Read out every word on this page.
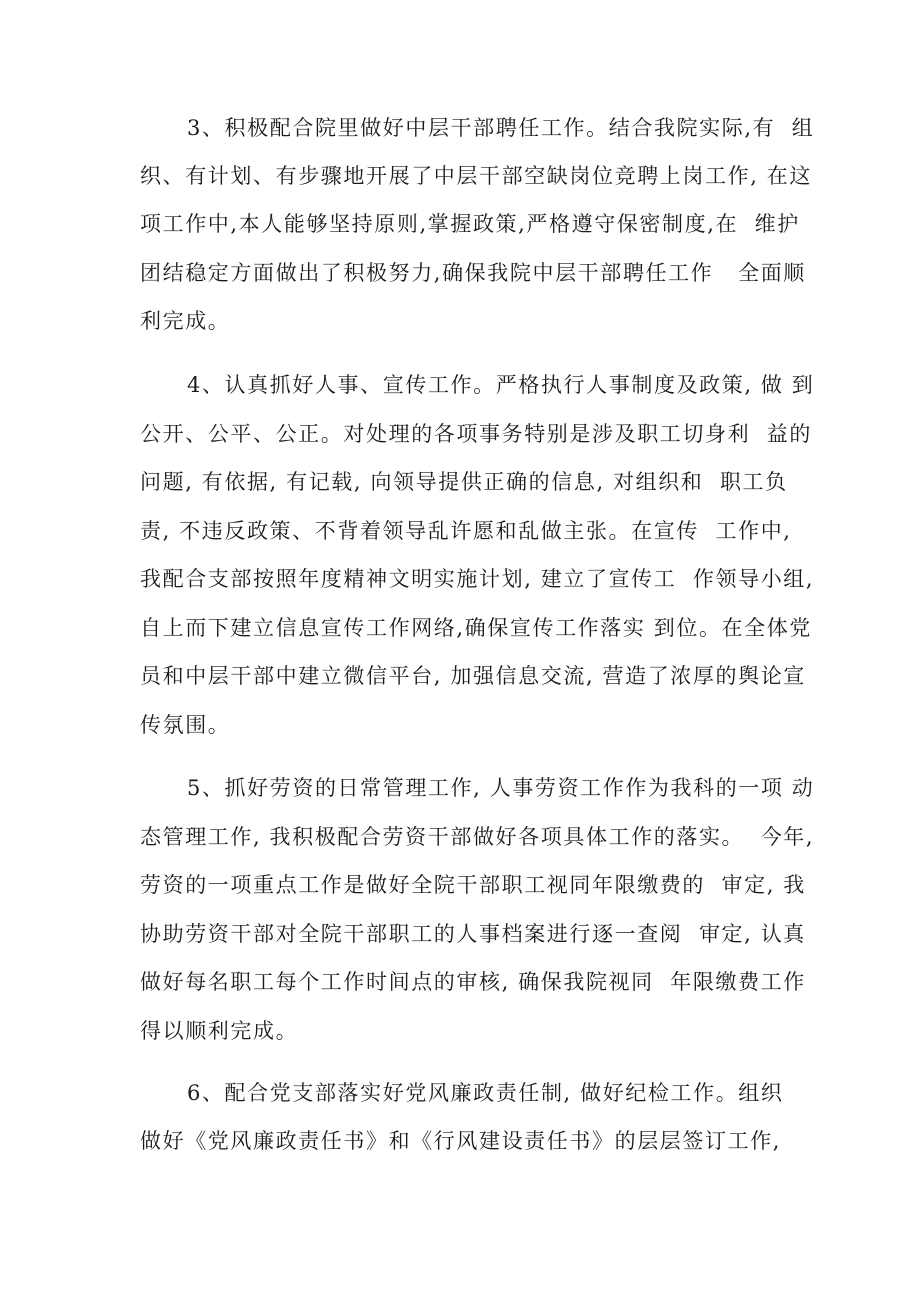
3、积极配合院里做好中层干部聘任工作。结合我院实际,有  组
织、有计划、有步骤地开展了中层干部空缺岗位竞聘上岗工作, 在这
项工作中,本人能够坚持原则,掌握政策,严格遵守保密制度,在  维护
团结稳定方面做出了积极努力,确保我院中层干部聘任工作   全面顺
利完成。
4、认真抓好人事、宣传工作。严格执行人事制度及政策, 做 到
公开、公平、公正。对处理的各项事务特别是涉及职工切身利  益的
问题, 有依据, 有记载, 向领导提供正确的信息, 对组织和  职工负
责, 不违反政策、不背着领导乱许愿和乱做主张。在宣传  工作中,
我配合支部按照年度精神文明实施计划, 建立了宣传工  作领导小组,
自上而下建立信息宣传工作网络,确保宣传工作落实 到位。在全体党
员和中层干部中建立微信平台, 加强信息交流, 营造了浓厚的舆论宣
传氛围。
5、抓好劳资的日常管理工作, 人事劳资工作作为我科的一项 动
态管理工作, 我积极配合劳资干部做好各项具体工作的落实。  今年,
劳资的一项重点工作是做好全院干部职工视同年限缴费的  审定, 我
协助劳资干部对全院干部职工的人事档案进行逐一查阅  审定, 认真
做好每名职工每个工作时间点的审核, 确保我院视同  年限缴费工作
得以顺利完成。
6、配合党支部落实好党风廉政责任制, 做好纪检工作。组织
做好《党风廉政责任书》和《行风建设责任书》的层层签订工作,
